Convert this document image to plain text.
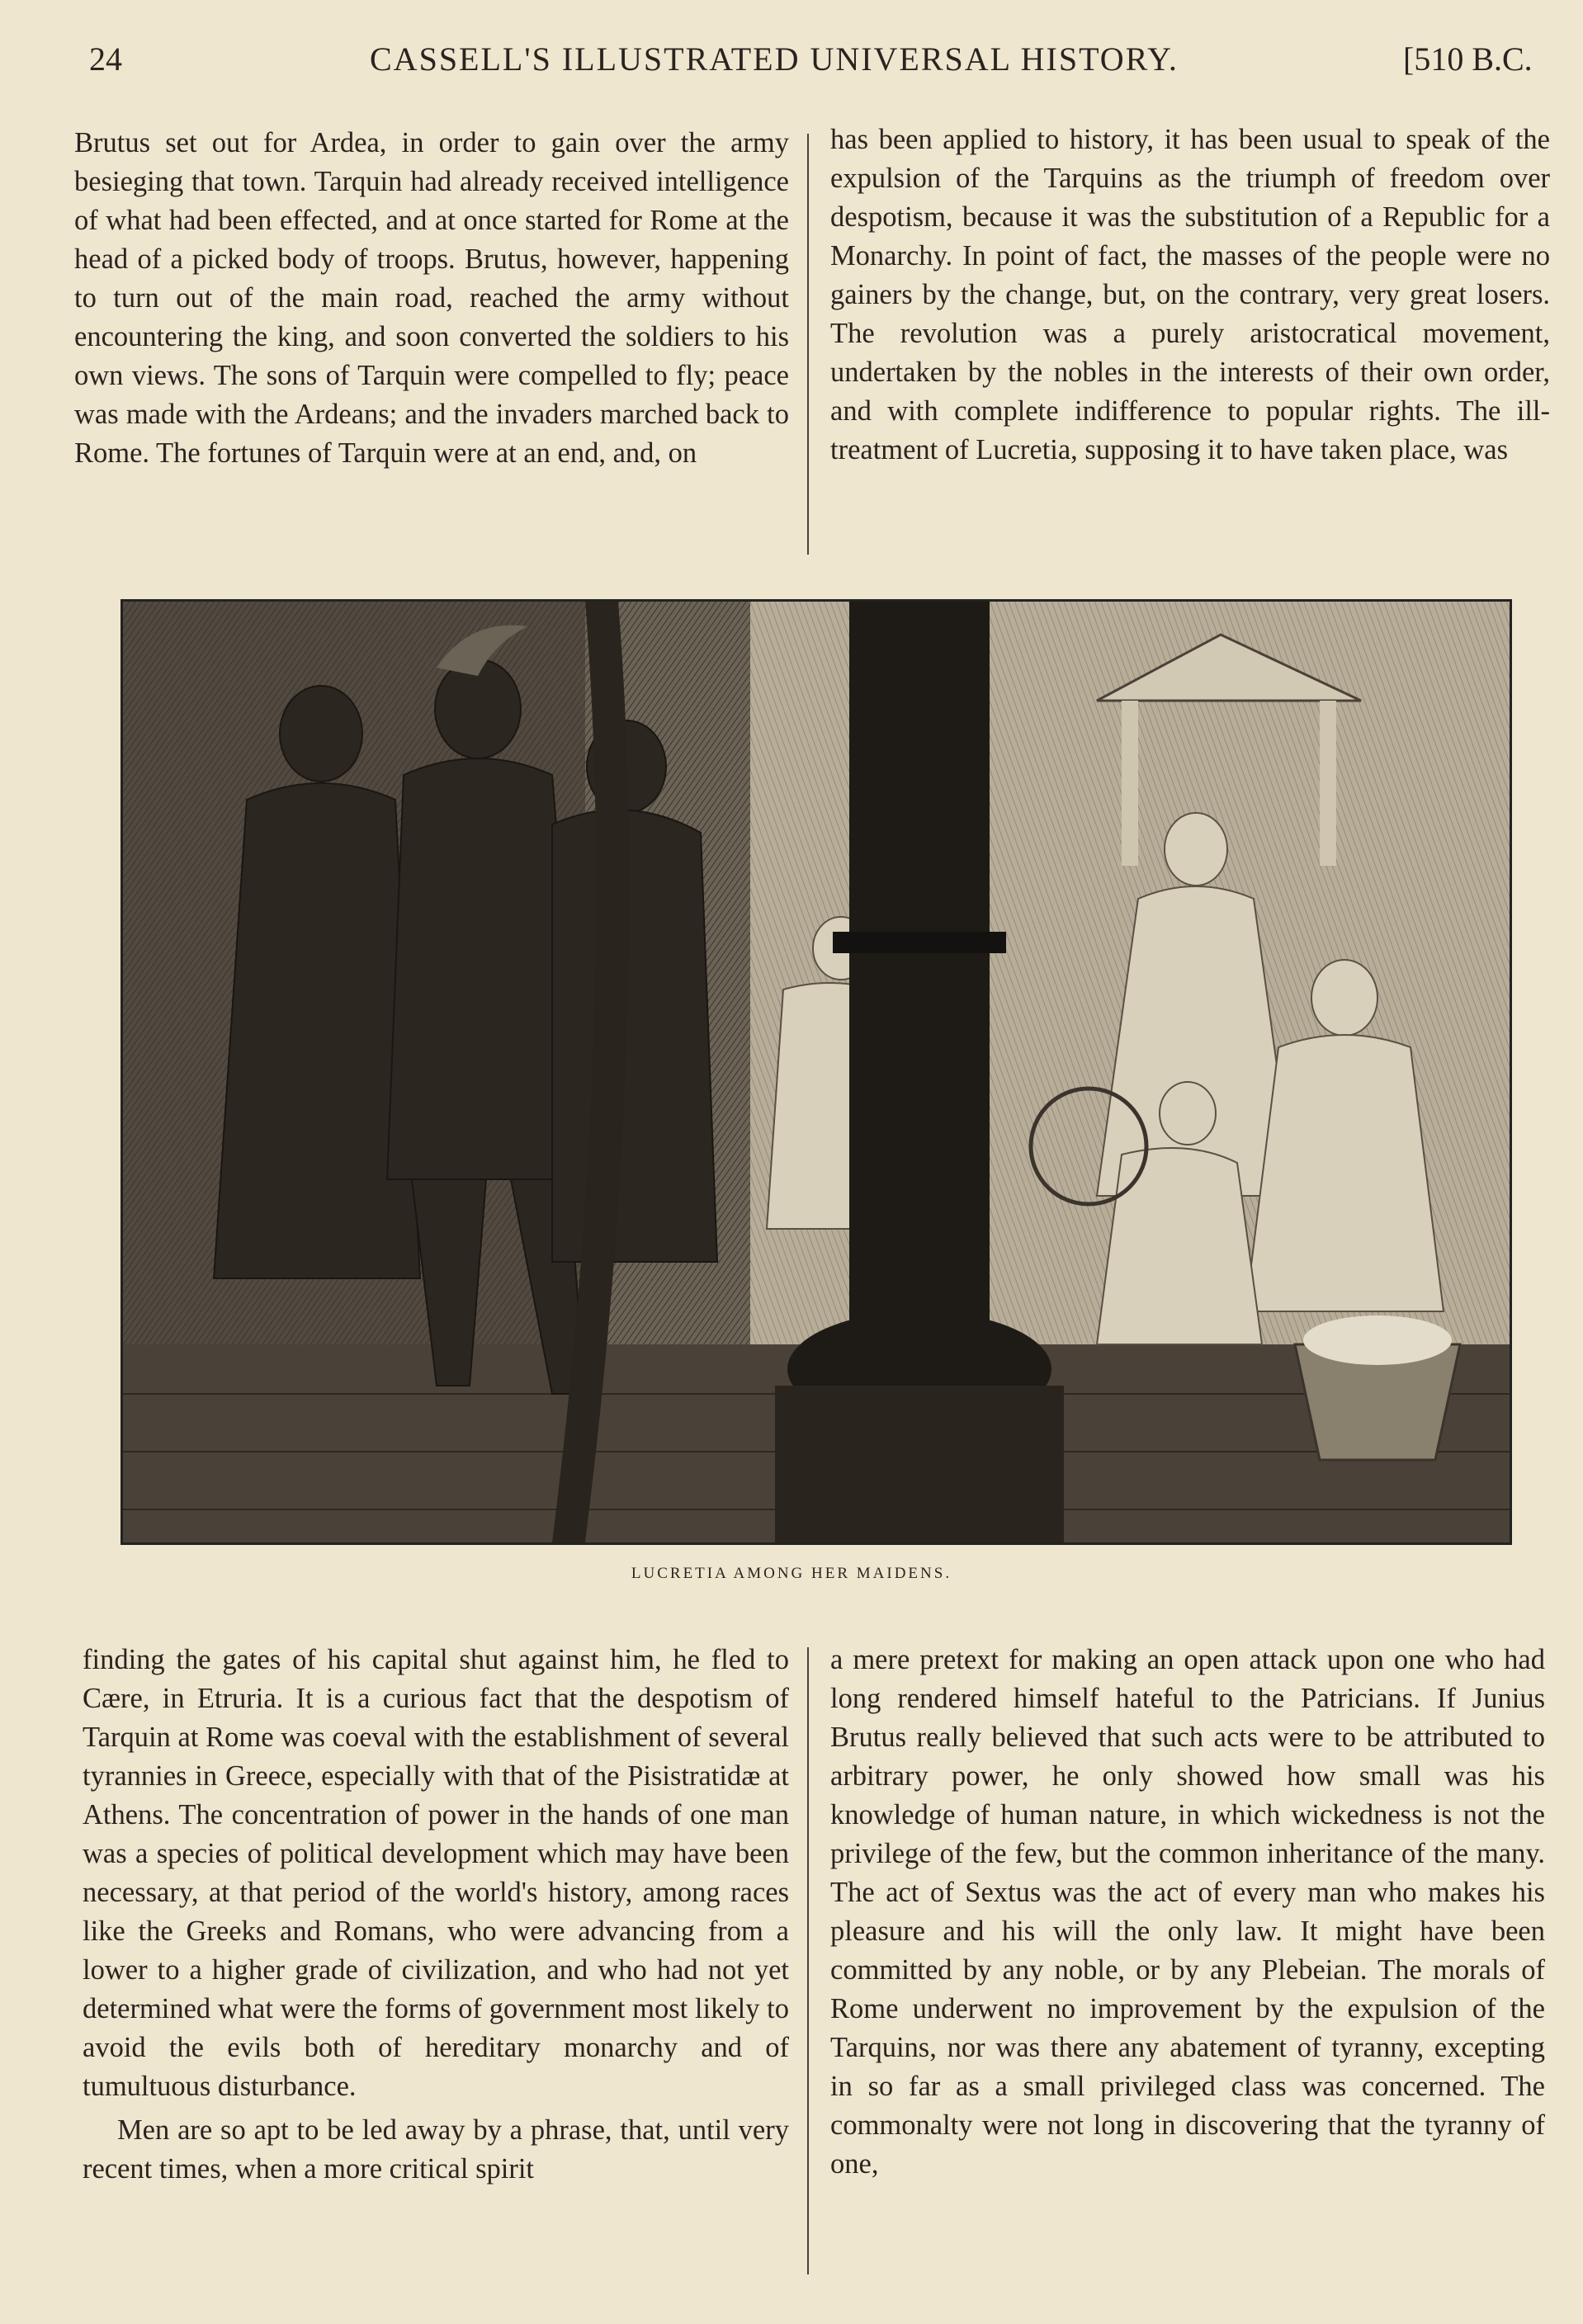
24	CASSELL'S ILLUSTRATED UNIVERSAL HISTORY.	[510 B.C.

Brutus set out for Ardea, in order to gain over the army besieging that town. Tarquin had already received intelligence of what had been effected, and at once started for Rome at the head of a picked body of troops. Brutus, however, happening to turn out of the main road, reached the army without encountering the king, and soon converted the soldiers to his own views. The sons of Tarquin were compelled to fly; peace was made with the Ardeans; and the invaders marched back to Rome. The fortunes of Tarquin were at an end, and, on

has been applied to history, it has been usual to speak of the expulsion of the Tarquins as the triumph of freedom over despotism, because it was the substitution of a Republic for a Monarchy. In point of fact, the masses of the people were no gainers by the change, but, on the contrary, very great losers. The revolution was a purely aristocratical movement, undertaken by the nobles in the interests of their own order, and with complete indifference to popular rights. The ill-treatment of Lucretia, supposing it to have taken place, was

LUCRETIA AMONG HER MAIDENS.

finding the gates of his capital shut against him, he fled to Cære, in Etruria. It is a curious fact that the despotism of Tarquin at Rome was coeval with the establishment of several tyrannies in Greece, especially with that of the Pisistratidæ at Athens. The concentration of power in the hands of one man was a species of political development which may have been necessary, at that period of the world's history, among races like the Greeks and Romans, who were advancing from a lower to a higher grade of civilization, and who had not yet determined what were the forms of government most likely to avoid the evils both of hereditary monarchy and of tumultuous disturbance.

Men are so apt to be led away by a phrase, that, until very recent times, when a more critical spirit

a mere pretext for making an open attack upon one who had long rendered himself hateful to the Patricians. If Junius Brutus really believed that such acts were to be attributed to arbitrary power, he only showed how small was his knowledge of human nature, in which wickedness is not the privilege of the few, but the common inheritance of the many. The act of Sextus was the act of every man who makes his pleasure and his will the only law. It might have been committed by any noble, or by any Plebeian. The morals of Rome underwent no improvement by the expulsion of the Tarquins, nor was there any abatement of tyranny, excepting in so far as a small privileged class was concerned. The commonalty were not long in discovering that the tyranny of one,
